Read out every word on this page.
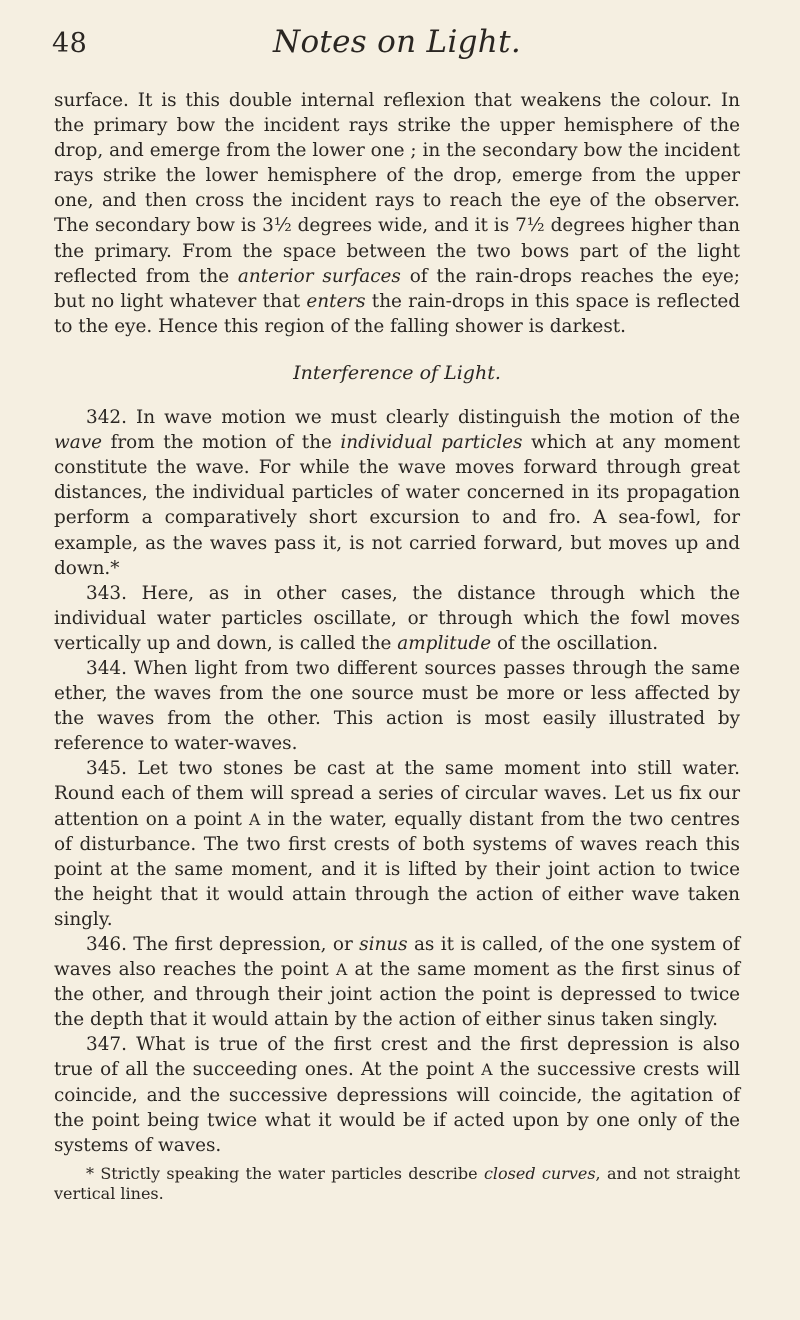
48	Notes on Light.

surface. It is this double internal reflexion that weakens the colour. In the primary bow the incident rays strike the upper hemisphere of the drop, and emerge from the lower one ; in the secondary bow the incident rays strike the lower hemisphere of the drop, emerge from the upper one, and then cross the incident rays to reach the eye of the observer. The secondary bow is 3½ degrees wide, and it is 7½ degrees higher than the primary. From the space between the two bows part of the light reflected from the anterior surfaces of the rain-drops reaches the eye; but no light whatever that enters the rain-drops in this space is reflected to the eye. Hence this region of the falling shower is darkest.

Interference of Light.

342. In wave motion we must clearly distinguish the motion of the wave from the motion of the individual particles which at any moment constitute the wave. For while the wave moves forward through great distances, the individual particles of water concerned in its propagation perform a comparatively short excursion to and fro. A sea-fowl, for example, as the waves pass it, is not carried forward, but moves up and down.*

343. Here, as in other cases, the distance through which the individual water particles oscillate, or through which the fowl moves vertically up and down, is called the amplitude of the oscillation.

344. When light from two different sources passes through the same ether, the waves from the one source must be more or less affected by the waves from the other. This action is most easily illustrated by reference to water-waves.

345. Let two stones be cast at the same moment into still water. Round each of them will spread a series of circular waves. Let us fix our attention on a point A in the water, equally distant from the two centres of disturbance. The two first crests of both systems of waves reach this point at the same moment, and it is lifted by their joint action to twice the height that it would attain through the action of either wave taken singly.

346. The first depression, or sinus as it is called, of the one system of waves also reaches the point A at the same moment as the first sinus of the other, and through their joint action the point is depressed to twice the depth that it would attain by the action of either sinus taken singly.

347. What is true of the first crest and the first depression is also true of all the succeeding ones. At the point A the successive crests will coincide, and the successive depressions will coincide, the agitation of the point being twice what it would be if acted upon by one only of the systems of waves.

* Strictly speaking the water particles describe closed curves, and not straight vertical lines.
